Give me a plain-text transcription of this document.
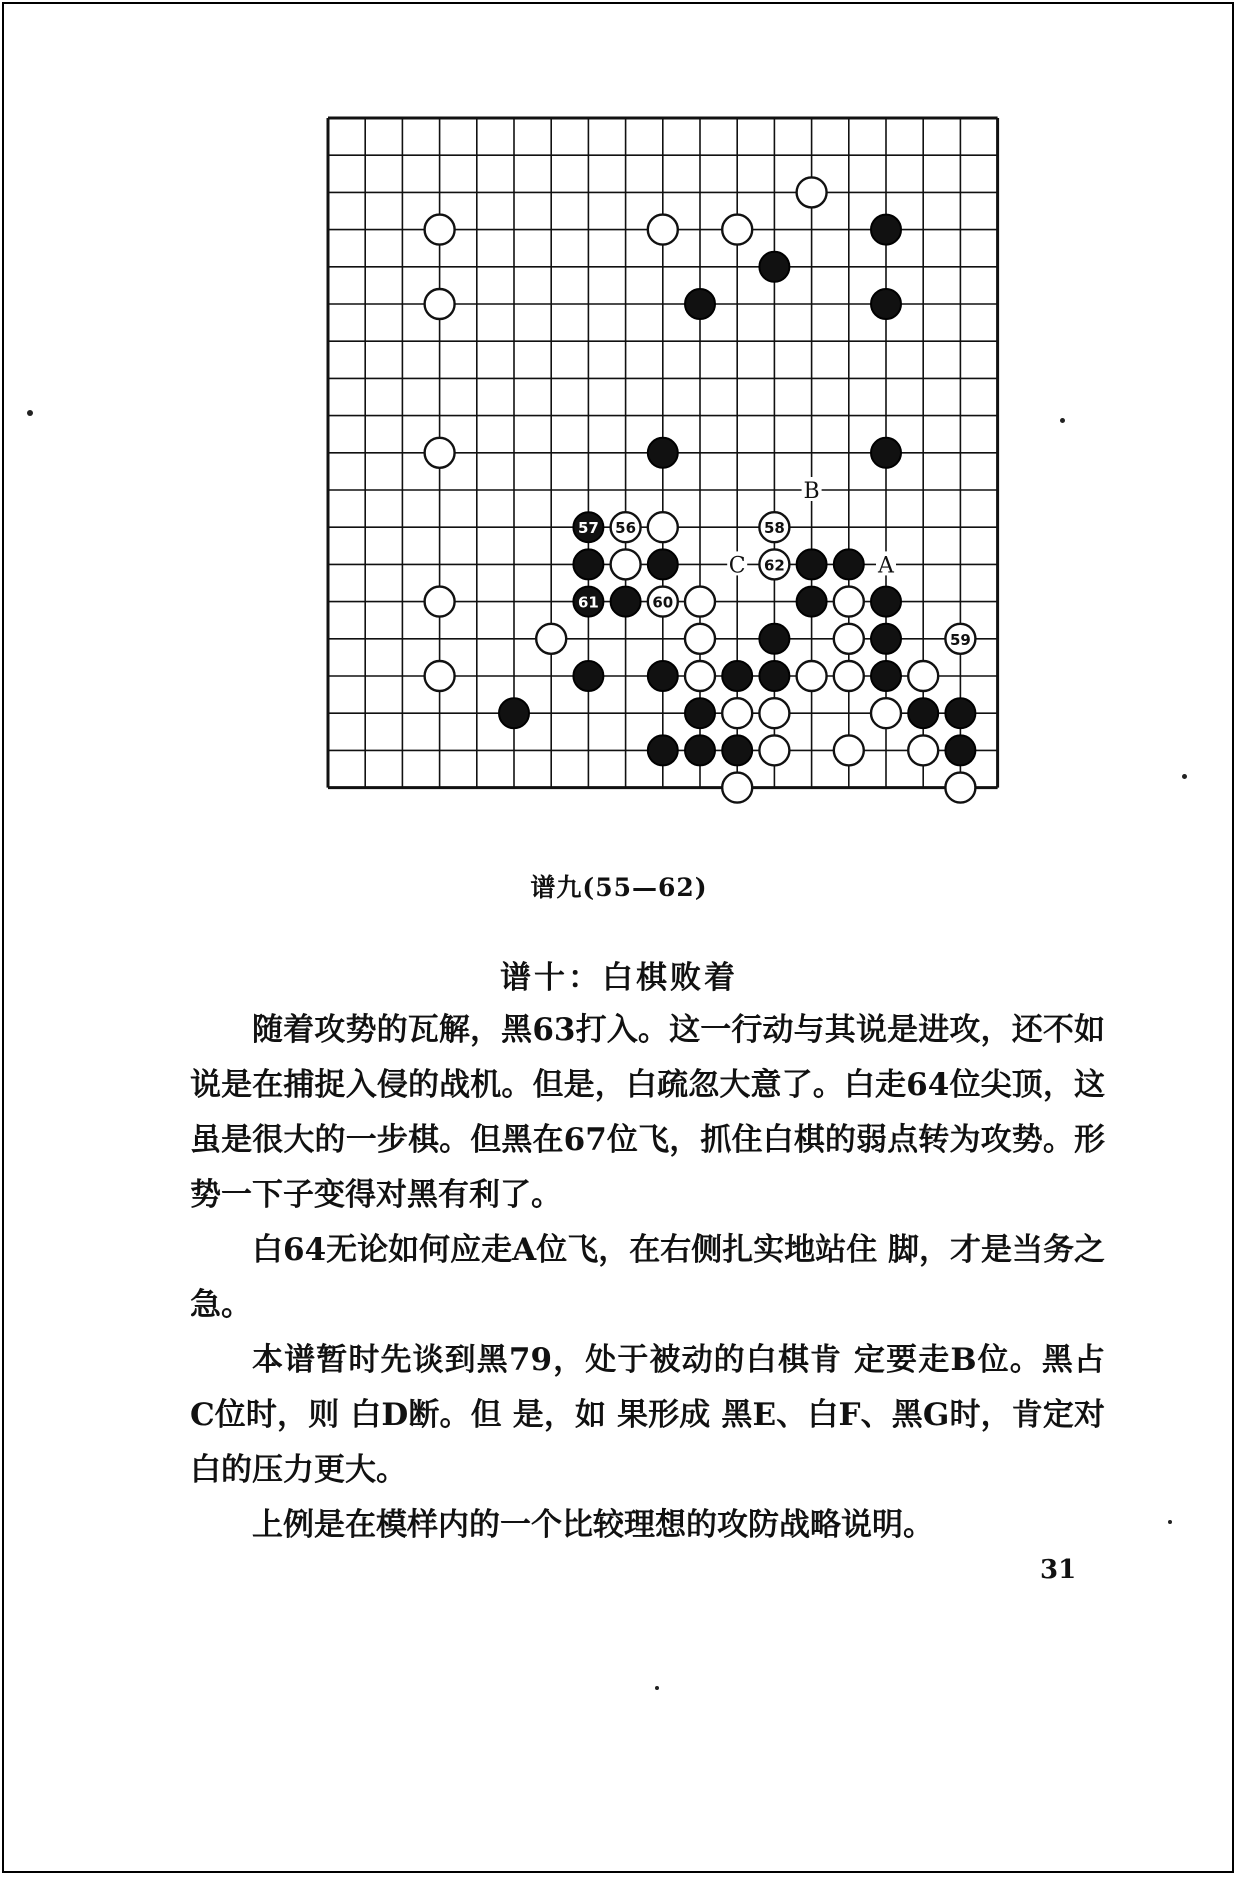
57 56	58
62
61	60
59
B
C	A
谱九(55—62)
谱十：白棋败着

随着攻势的瓦解，黑63打入。这一行动与其说是进攻，还不如说是在捕捉入侵的战机。但是，白疏忽大意了。白走64位尖顶，这虽是很大的一步棋。但黑在67位飞，抓住白棋的弱点转为攻势。形势一下子变得对黑有利了。

白64无论如何应走A位飞，在右侧扎实地站住 脚，才是当务之急。

本谱暂时先谈到黑79，处于被动的白棋肯 定要走B位。黑占 C位时，则 白D断。但 是，如 果形成 黑E、白F、黑G时，肯定对白的压力更大。

上例是在模样内的一个比较理想的攻防战略说明。

31
